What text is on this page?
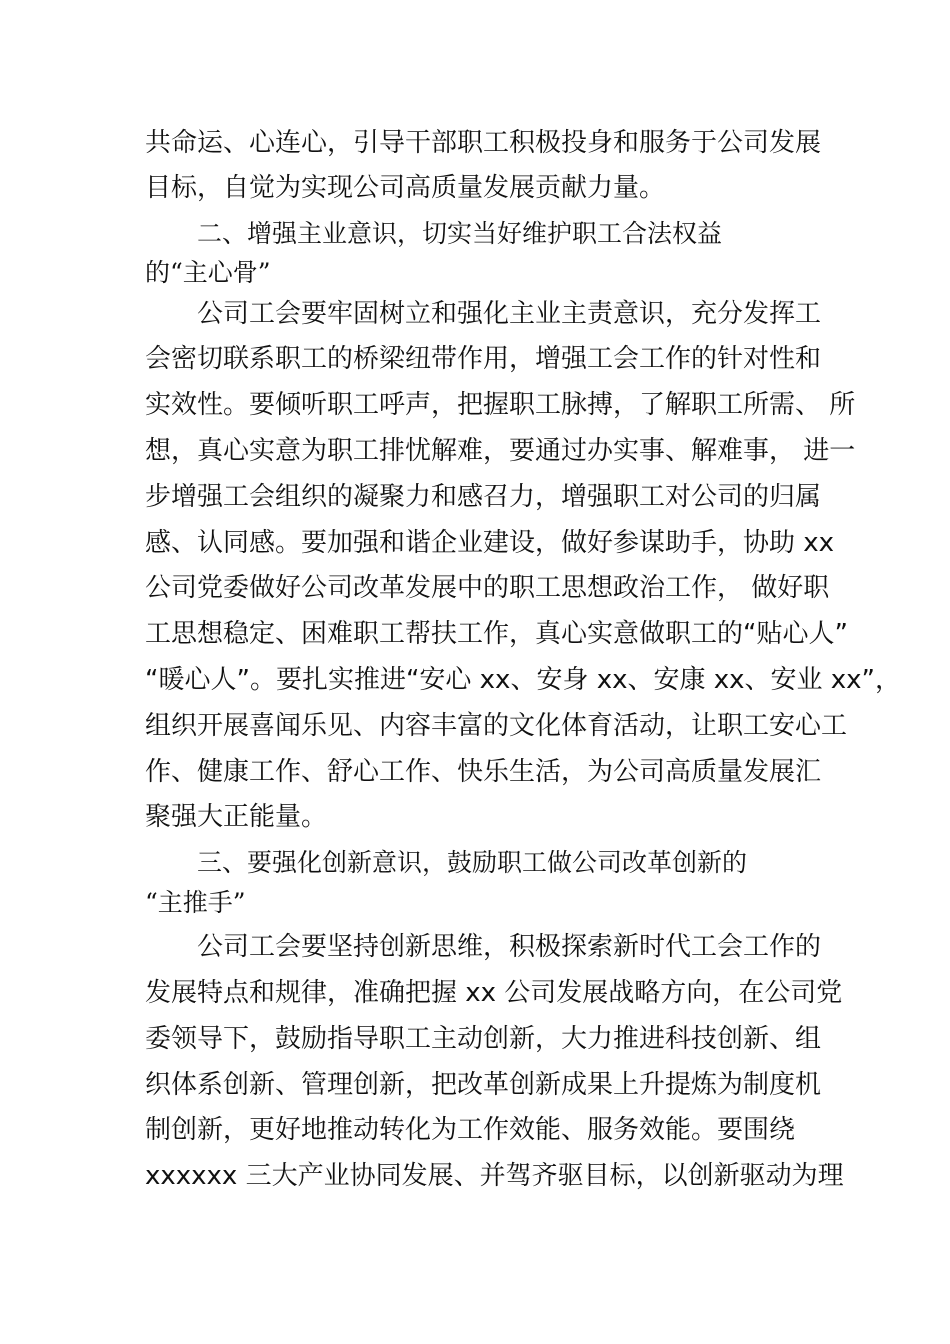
共命运、心连心，引导干部职工积极投身和服务于公司发展
目标，自觉为实现公司高质量发展贡献力量。
二、增强主业意识，切实当好维护职工合法权益
的“主心骨”
公司工会要牢固树立和强化主业主责意识，充分发挥工
会密切联系职工的桥梁纽带作用，增强工会工作的针对性和
实效性。要倾听职工呼声，把握职工脉搏，了解职工所需、 所
想，真心实意为职工排忧解难，要通过办实事、解难事， 进一
步增强工会组织的凝聚力和感召力，增强职工对公司的归属
感、认同感。要加强和谐企业建设，做好参谋助手，协助 xx
公司党委做好公司改革发展中的职工思想政治工作， 做好职
工思想稳定、困难职工帮扶工作，真心实意做职工的“贴心人”
“暖心人”。要扎实推进“安心 xx、安身 xx、安康 xx、安业 xx”，
组织开展喜闻乐见、内容丰富的文化体育活动，让职工安心工
作、健康工作、舒心工作、快乐生活，为公司高质量发展汇
聚强大正能量。
三、要强化创新意识，鼓励职工做公司改革创新的
“主推手”
公司工会要坚持创新思维，积极探索新时代工会工作的
发展特点和规律，准确把握 xx 公司发展战略方向，在公司党
委领导下，鼓励指导职工主动创新，大力推进科技创新、组
织体系创新、管理创新，把改革创新成果上升提炼为制度机
制创新，更好地推动转化为工作效能、服务效能。要围绕
xxxxxx 三大产业协同发展、并驾齐驱目标，以创新驱动为理
